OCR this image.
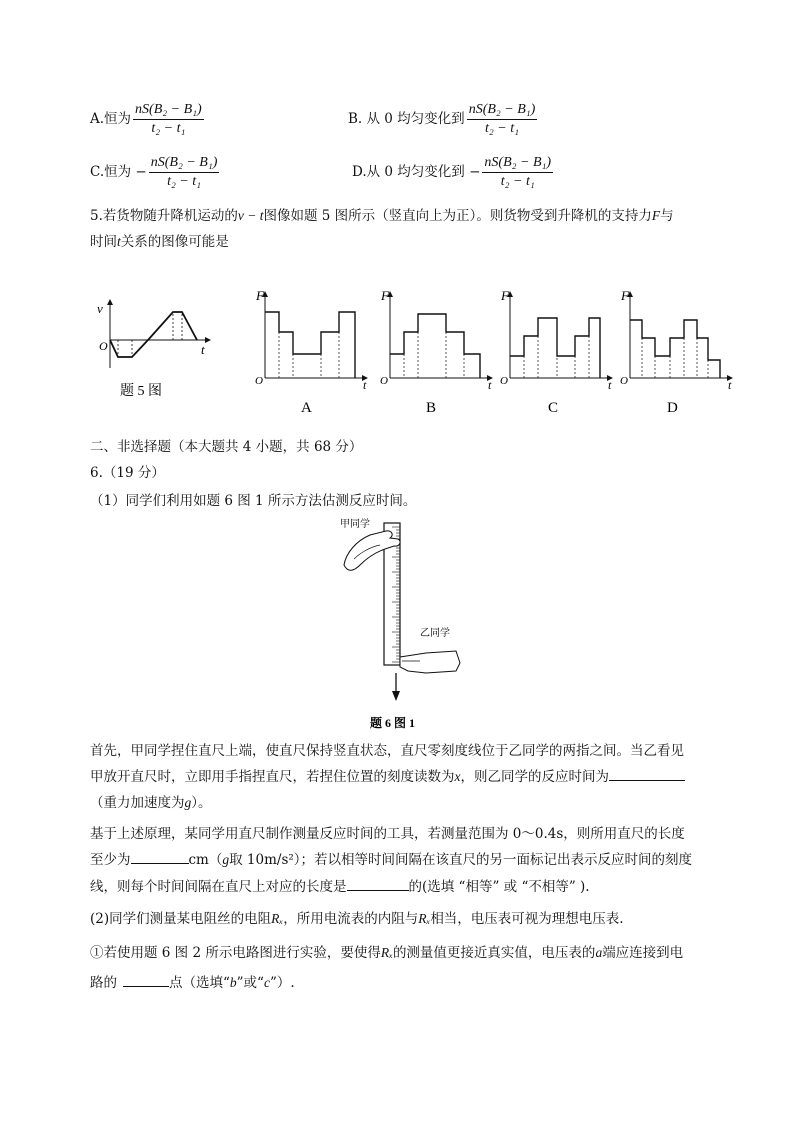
A.恒为 $\frac{\text{nS(B₂ − B₁)}}{\text{t₂ − t₁}}$	B. 从 0 均匀变化到 $\frac{\text{nS(B₂ − B₁)}}{\text{t₂ − t₁}}$
C.恒为 − $\frac{\text{nS(B₂ − B₁)}}{\text{t₂ − t₁}}$	D.从 0 均匀变化到 − $\frac{\text{nS(B₂ − B₁)}}{\text{t₂ − t₁}}$
5.若货物随升降机运动的v − t图像如题 5 图所示（竖直向上为正）。则货物受到升降机的支持力F与
时间t关系的图像可能是
v
O	t
题 5 图
F
O	t
A
F
O	t
B
F
O	t
C
F
O	t
D
二、非选择题（本大题共 4 小题，共 68 分）
6.（19 分）
（1）同学们利用如题 6 图 1 所示方法估测反应时间。
甲同学
乙同学
题 6 图 1
首先，甲同学捏住直尺上端，使直尺保持竖直状态，直尺零刻度线位于乙同学的两指之间。当乙看见
甲放开直尺时，立即用手指捏直尺，若捏住位置的刻度读数为x，则乙同学的反应时间为
（重力加速度为g）。
基于上述原理，某同学用直尺制作测量反应时间的工具，若测量范围为 0～0.4s，则所用直尺的长度
至少为	cm（g取 10m/s²）；若以相等时间间隔在该直尺的另一面标记出表示反应时间的刻度
线，则每个时间间隔在直尺上对应的长度是	的(选填 “相等” 或 “不相等” ).
(2)同学们测量某电阻丝的电阻Rₓ，所用电流表的内阻与Rₓ相当，电压表可视为理想电压表.
①若使用题 6 图 2 所示电路图进行实验，要使得Rₓ的测量值更接近真实值，电压表的a端应连接到电
路的	点（选填“b”或“c”）.
